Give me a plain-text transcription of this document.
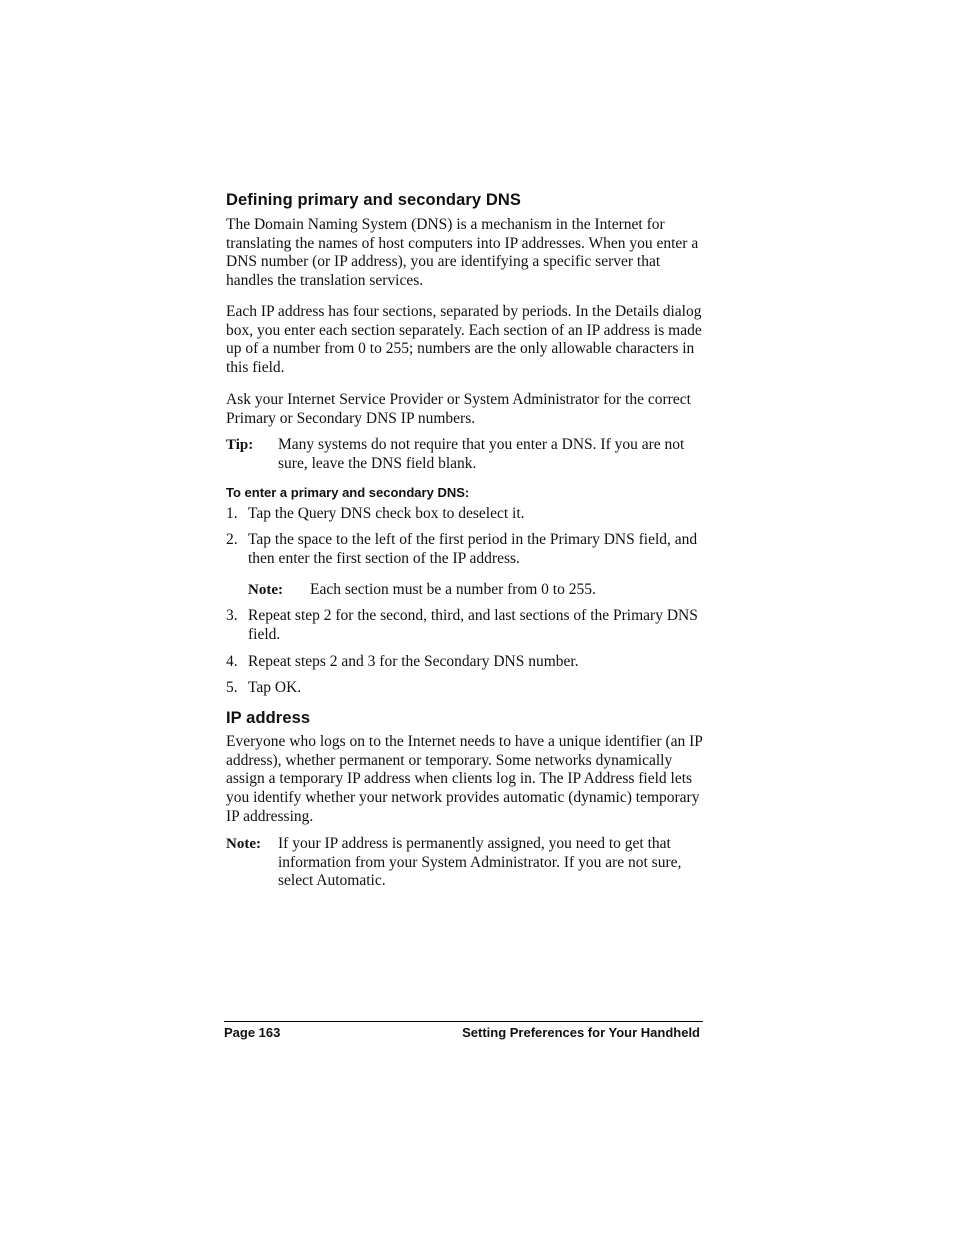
Defining primary and secondary DNS

The Domain Naming System (DNS) is a mechanism in the Internet for translating the names of host computers into IP addresses. When you enter a DNS number (or IP address), you are identifying a specific server that handles the translation services.

Each IP address has four sections, separated by periods. In the Details dialog box, you enter each section separately. Each section of an IP address is made up of a number from 0 to 255; numbers are the only allowable characters in this field.

Ask your Internet Service Provider or System Administrator for the correct Primary or Secondary DNS IP numbers.

Tip: Many systems do not require that you enter a DNS. If you are not sure, leave the DNS field blank.
To enter a primary and secondary DNS:
1. Tap the Query DNS check box to deselect it.
2. Tap the space to the left of the first period in the Primary DNS field, and then enter the first section of the IP address.
Note: Each section must be a number from 0 to 255.
3. Repeat step 2 for the second, third, and last sections of the Primary DNS field.
4. Repeat steps 2 and 3 for the Secondary DNS number.
5. Tap OK.
IP address

Everyone who logs on to the Internet needs to have a unique identifier (an IP address), whether permanent or temporary. Some networks dynamically assign a temporary IP address when clients log in. The IP Address field lets you identify whether your network provides automatic (dynamic) temporary IP addressing.

Note: If your IP address is permanently assigned, you need to get that information from your System Administrator. If you are not sure, select Automatic.
Page 163	Setting Preferences for Your Handheld
